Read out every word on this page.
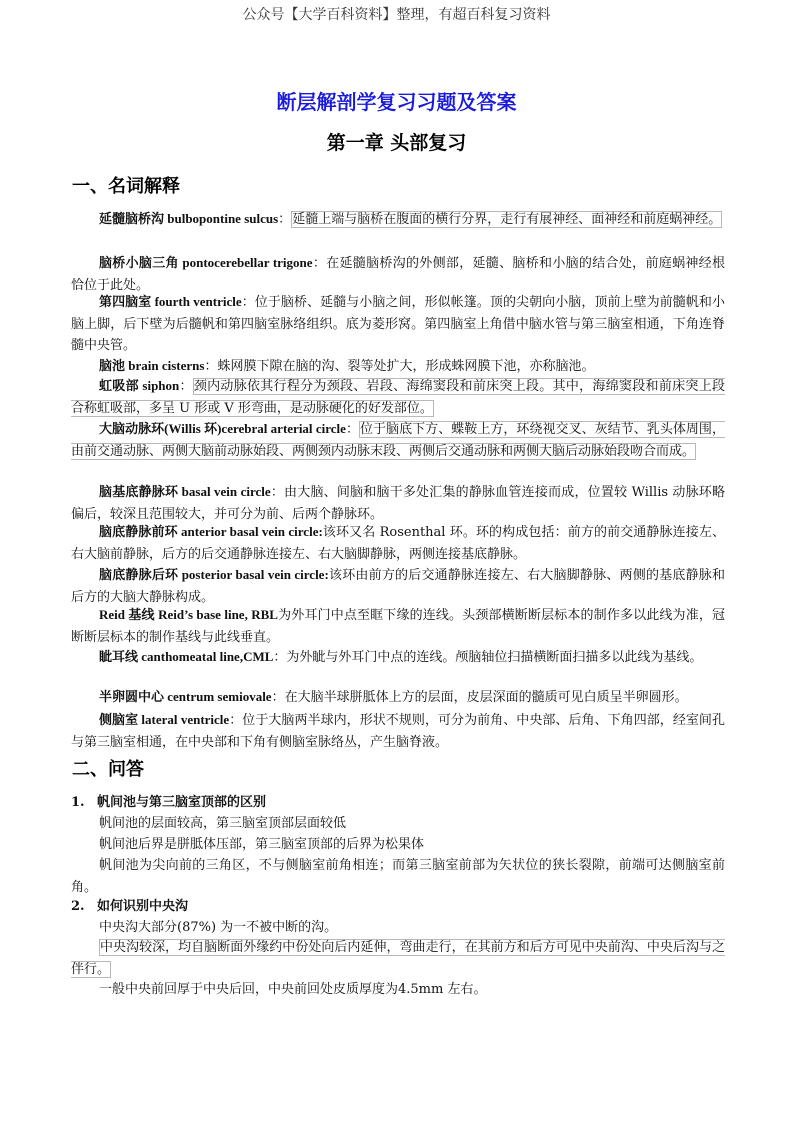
公众号【大学百科资料】整理，有超百科复习资料
断层解剖学复习习题及答案
第一章 头部复习
一、名词解释

延髓脑桥沟 bulbopontine sulcus：延髓上端与脑桥在腹面的横行分界，走行有展神经、面神经和前庭蜗神经。

脑桥小脑三角 pontocerebellar trigone：在延髓脑桥沟的外侧部，延髓、脑桥和小脑的结合处，前庭蜗神经根恰位于此处。

第四脑室 fourth ventricle：位于脑桥、延髓与小脑之间，形似帐篷。顶的尖朝向小脑，顶前上壁为前髓帆和小脑上脚，后下壁为后髓帆和第四脑室脉络组织。底为菱形窝。第四脑室上角借中脑水管与第三脑室相通，下角连脊髓中央管。

脑池 brain cisterns：蛛网膜下隙在脑的沟、裂等处扩大，形成蛛网膜下池，亦称脑池。

虹吸部 siphon：颈内动脉依其行程分为颈段、岩段、海绵窦段和前床突上段。其中，海绵窦段和前床突上段合称虹吸部，多呈 U 形或 V 形弯曲，是动脉硬化的好发部位。

大脑动脉环(Willis 环)cerebral arterial circle：位于脑底下方、蝶鞍上方，环绕视交叉、灰结节、乳头体周围，由前交通动脉、两侧大脑前动脉始段、两侧颈内动脉末段、两侧后交通动脉和两侧大脑后动脉始段吻合而成。

脑基底静脉环 basal vein circle：由大脑、间脑和脑干多处汇集的静脉血管连接而成，位置较 Willis 动脉环略偏后，较深且范围较大，并可分为前、后两个静脉环。

脑底静脉前环 anterior basal vein circle:该环又名 Rosenthal 环。环的构成包括：前方的前交通静脉连接左、右大脑前静脉，后方的后交通静脉连接左、右大脑脚静脉，两侧连接基底静脉。

脑底静脉后环 posterior basal vein circle:该环由前方的后交通静脉连接左、右大脑脚静脉、两侧的基底静脉和后方的大脑大静脉构成。

Reid 基线 Reid’s base line, RBL为外耳门中点至眶下缘的连线。头颈部横断断层标本的制作多以此线为准，冠断断层标本的制作基线与此线垂直。

眦耳线 canthomeatal line,CML：为外眦与外耳门中点的连线。颅脑轴位扫描横断面扫描多以此线为基线。

半卵圆中心 centrum semiovale：在大脑半球胼胝体上方的层面，皮层深面的髓质可见白质呈半卵圆形。

侧脑室 lateral ventricle：位于大脑两半球内，形状不规则，可分为前角、中央部、后角、下角四部，经室间孔与第三脑室相通，在中央部和下角有侧脑室脉络丛，产生脑脊液。

二、问答
1. 帆间池与第三脑室顶部的区别

帆间池的层面较高，第三脑室顶部层面较低

帆间池后界是胼胝体压部，第三脑室顶部的后界为松果体

帆间池为尖向前的三角区，不与侧脑室前角相连；而第三脑室前部为矢状位的狭长裂隙，前端可达侧脑室前角。

2. 如何识别中央沟

中央沟大部分(87%) 为一不被中断的沟。

中央沟较深，均自脑断面外缘约中份处向后内延伸，弯曲走行，在其前方和后方可见中央前沟、中央后沟与之伴行。

一般中央前回厚于中央后回，中央前回处皮质厚度为4.5mm 左右。
